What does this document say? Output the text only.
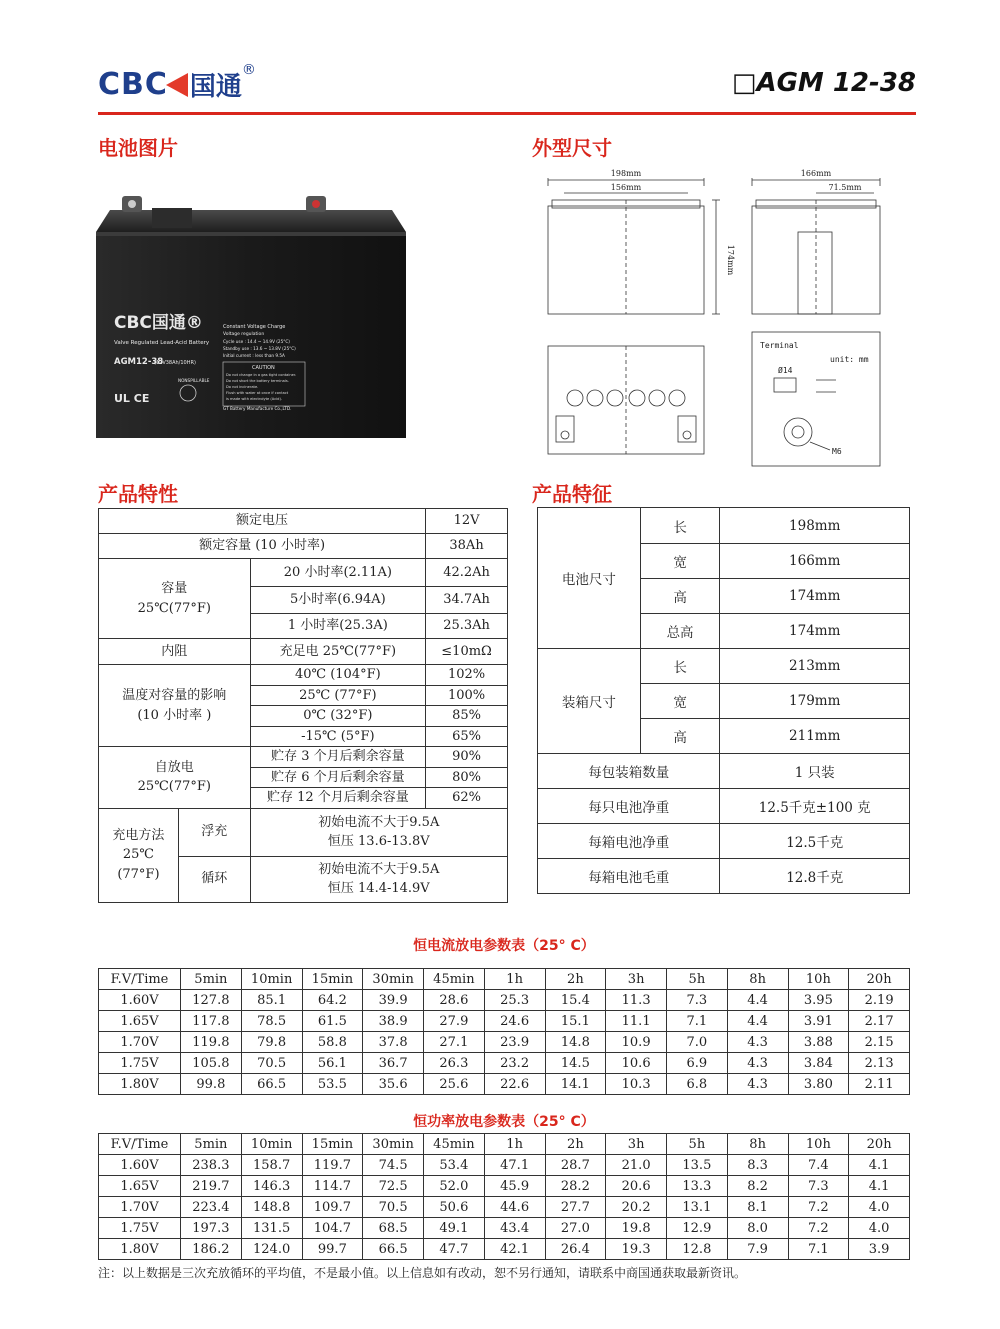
CBC 国通
®	□AGM 12-38
电池图片	外型尺寸
产品特性	产品特征
CBC国通®
Valve Regulated Lead-Acid Battery
AGM12-38
(12V38Ah/10HR)
Constant Voltage Charge
Voltage regulation
Cycle use : 14.4 ~ 14.9V (25°C)
Standby use : 13.6 ~ 13.8V (25°C)
Initial current : less than 9.5A
NONSPILLABLE
UL CE
GT Battery Manufacture Co.,LTD.
CAUTION
Do not change in a gas tight container.
Do not short the battery terminals.
Do not incinerate.
Flush with water at once if contact
is made with electrolyte (Acid).
198mm
156mm
166mm
71.5mm
174mm
Terminal
unit: mm
Ø14
M6
额定电压			12V
额定容量 (10 小时率)			38Ah
容量
25℃(77°F)		20 小时率(2.11A)	42.2Ah
		5小时率(6.94A)	34.7Ah
		1 小时率(25.3A)	25.3Ah
内阻		充足电 25℃(77°F)	≤10mΩ
温度对容量的影响
(10 小时率 )		40℃ (104°F)	102%
		25℃ (77°F)	100%
		0℃ (32°F)	85%
		-15℃ (5°F)	65%
自放电
25℃(77°F)		贮存 3 个月后剩余容量	90%
		贮存 6 个月后剩余容量	80%
		贮存 12 个月后剩余容量	62%
充电方法
25℃
(77°F)	浮充	初始电流不大于9.5A
恒压 13.6-13.8V	
	循环	初始电流不大于9.5A
恒压 14.4-14.9V	
电池尺寸	长	198mm
	宽	166mm
	高	174mm
	总高	174mm
装箱尺寸	长	213mm
	宽	179mm
	高	211mm
每包装箱数量		1 只装
每只电池净重		12.5千克±100 克
每箱电池净重		12.5千克
每箱电池毛重		12.8千克
恒电流放电参数表（25° C）
F.V/Time	5min	10min	15min	30min	45min	1h	2h	3h	5h	8h	10h	20h
1.60V	127.8	85.1	64.2	39.9	28.6	25.3	15.4	11.3	7.3	4.4	3.95	2.19
1.65V	117.8	78.5	61.5	38.9	27.9	24.6	15.1	11.1	7.1	4.4	3.91	2.17
1.70V	119.8	79.8	58.8	37.8	27.1	23.9	14.8	10.9	7.0	4.3	3.88	2.15
1.75V	105.8	70.5	56.1	36.7	26.3	23.2	14.5	10.6	6.9	4.3	3.84	2.13
1.80V	99.8	66.5	53.5	35.6	25.6	22.6	14.1	10.3	6.8	4.3	3.80	2.11
恒功率放电参数表（25° C）
F.V/Time	5min	10min	15min	30min	45min	1h	2h	3h	5h	8h	10h	20h
1.60V	238.3	158.7	119.7	74.5	53.4	47.1	28.7	21.0	13.5	8.3	7.4	4.1
1.65V	219.7	146.3	114.7	72.5	52.0	45.9	28.2	20.6	13.3	8.2	7.3	4.1
1.70V	223.4	148.8	109.7	70.5	50.6	44.6	27.7	20.2	13.1	8.1	7.2	4.0
1.75V	197.3	131.5	104.7	68.5	49.1	43.4	27.0	19.8	12.9	8.0	7.2	4.0
1.80V	186.2	124.0	99.7	66.5	47.7	42.1	26.4	19.3	12.8	7.9	7.1	3.9
注：以上数据是三次充放循环的平均值，不是最小值。以上信息如有改动，恕不另行通知，请联系中商国通获取最新资讯。
